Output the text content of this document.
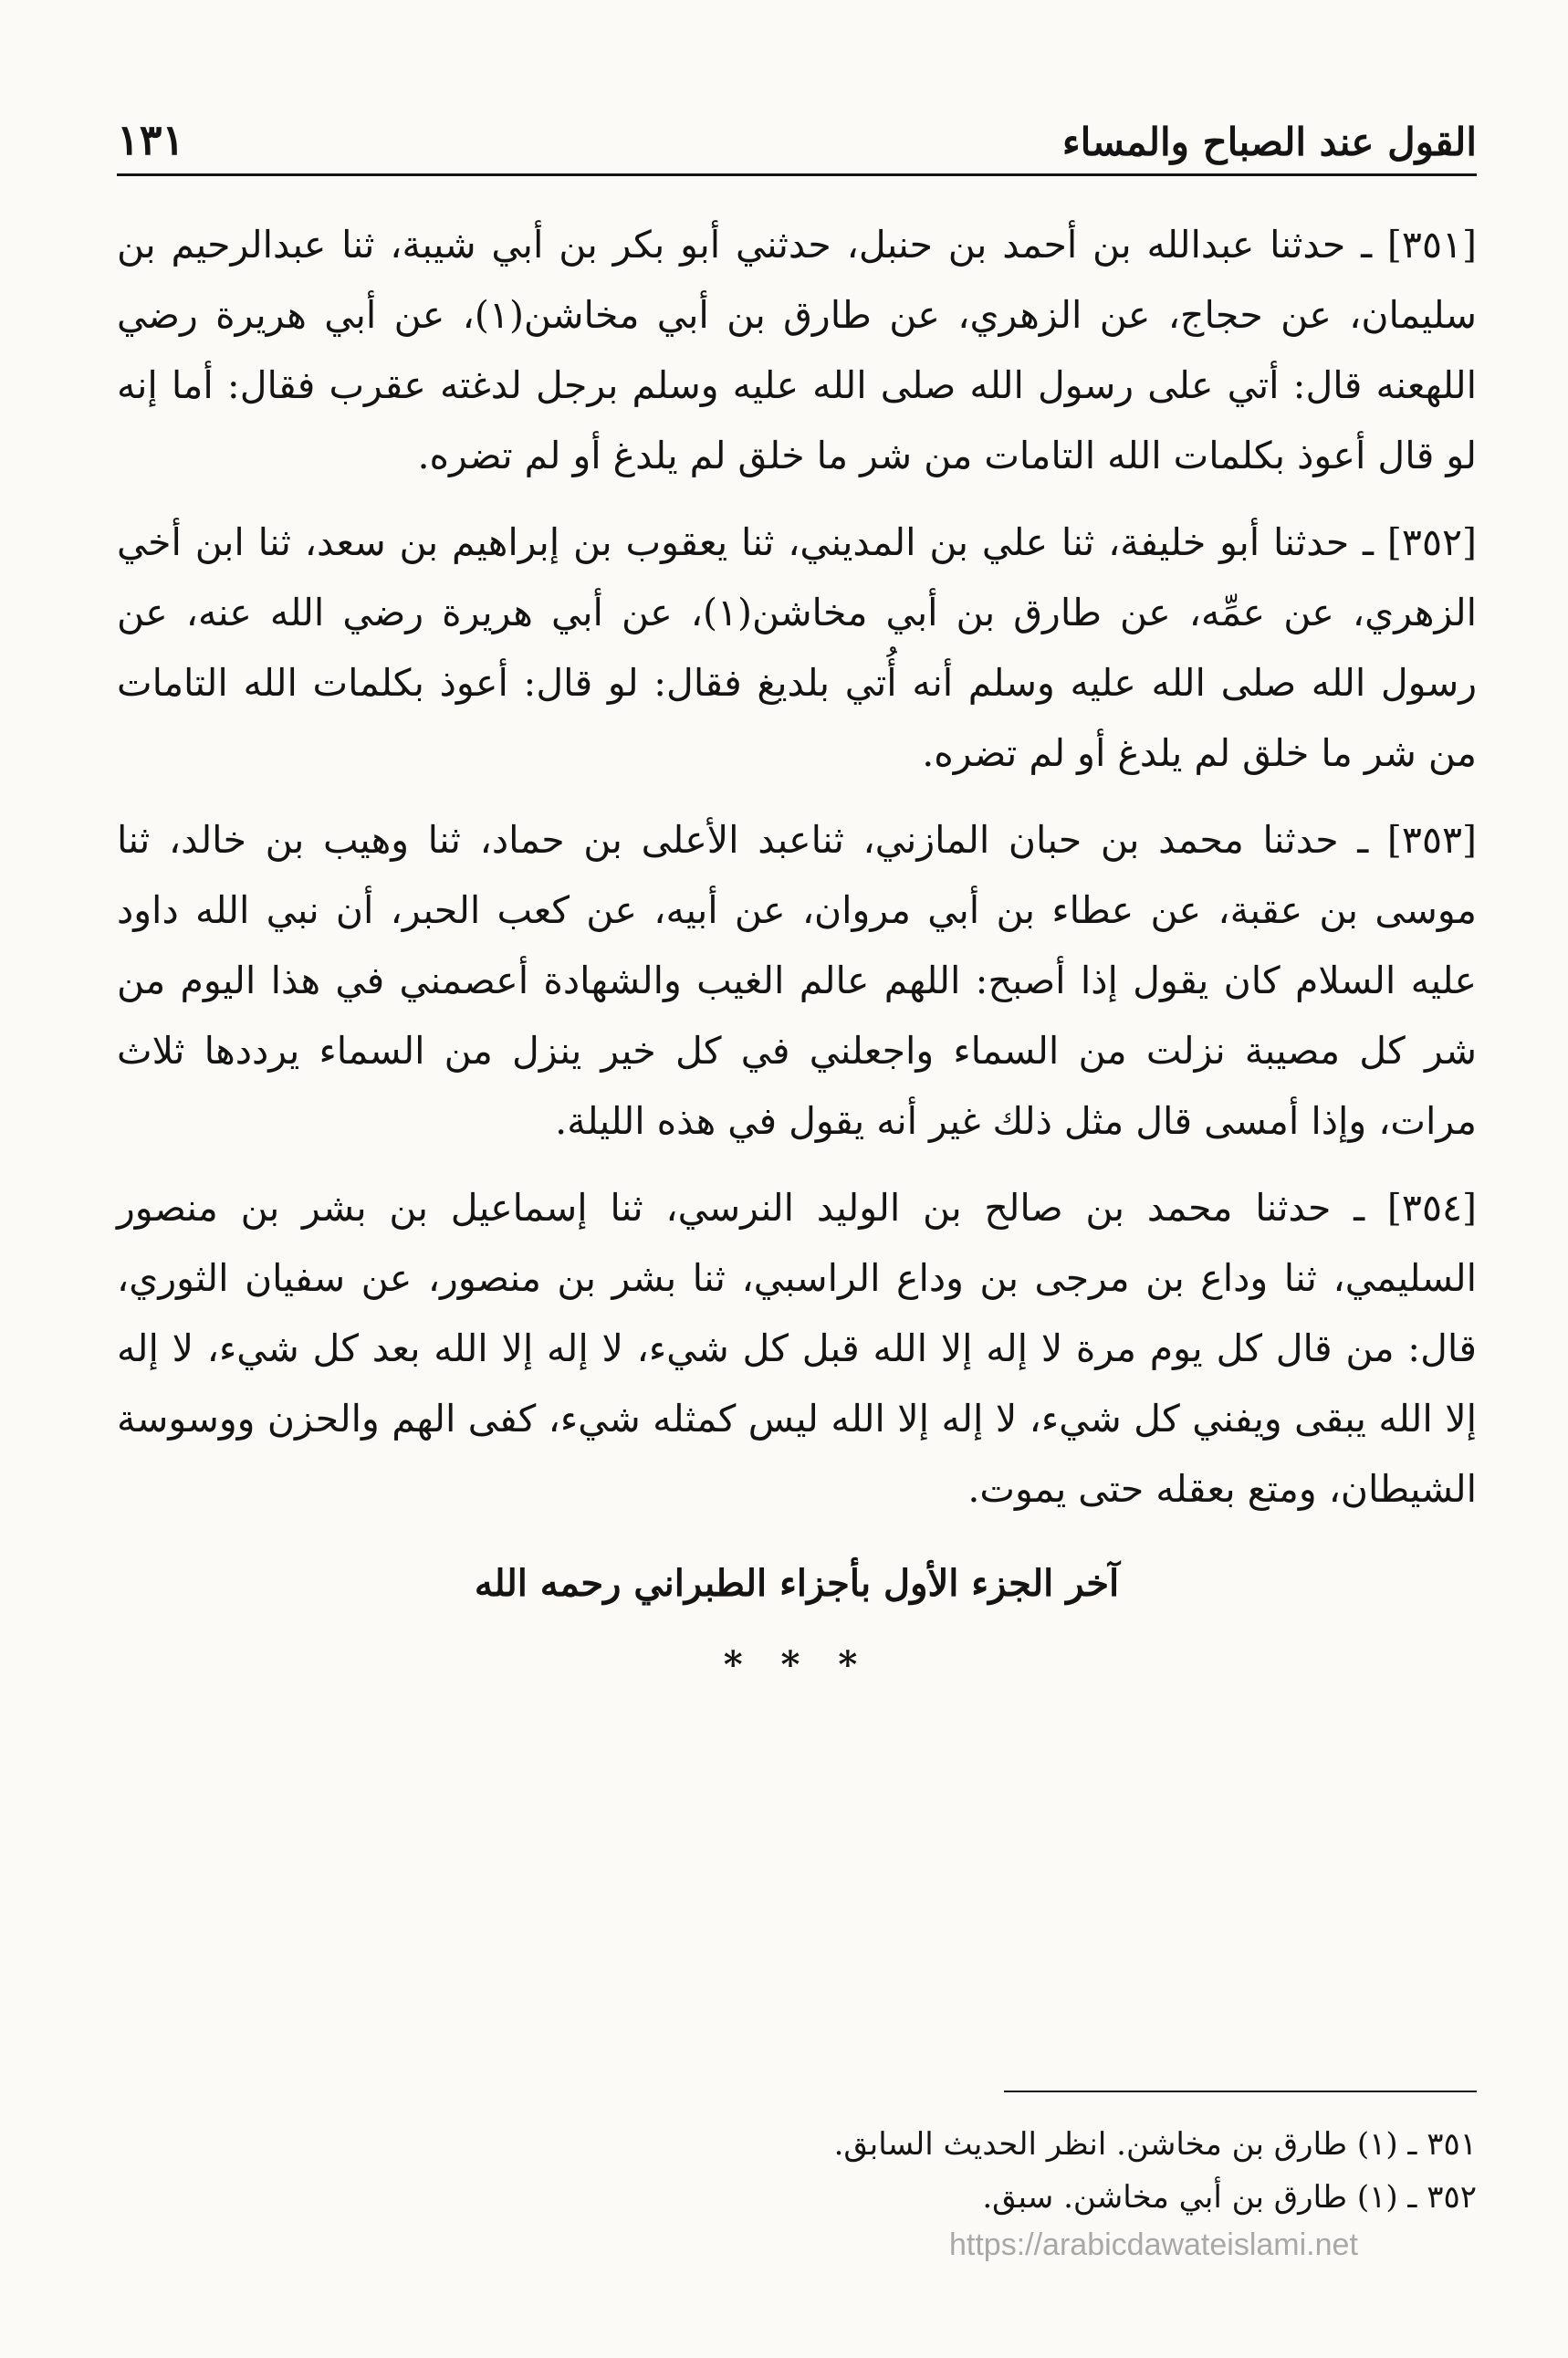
القول عند الصباح والمساء
١٣١

[٣٥١] ـ حدثنا عبدالله بن أحمد بن حنبل، حدثني أبو بكر بن أبي شيبة، ثنا عبدالرحيم بن سليمان، عن حجاج، عن الزهري، عن طارق بن أبي مخاشن(١)، عن أبي هريرة رضي اللهعنه قال: أتي على رسول الله صلى الله عليه وسلم برجل لدغته عقرب فقال: أما إنه لو قال أعوذ بكلمات الله التامات من شر ما خلق لم يلدغ أو لم تضره.

[٣٥٢] ـ حدثنا أبو خليفة، ثنا علي بن المديني، ثنا يعقوب بن إبراهيم بن سعد، ثنا ابن أخي الزهري، عن عمِّه، عن طارق بن أبي مخاشن(١)، عن أبي هريرة رضي الله عنه، عن رسول الله صلى الله عليه وسلم أنه أُتي بلديغ فقال: لو قال: أعوذ بكلمات الله التامات من شر ما خلق لم يلدغ أو لم تضره.

[٣٥٣] ـ حدثنا محمد بن حبان المازني، ثناعبد الأعلى بن حماد، ثنا وهيب بن خالد، ثنا موسى بن عقبة، عن عطاء بن أبي مروان، عن أبيه، عن كعب الحبر، أن نبي الله داود عليه السلام كان يقول إذا أصبح: اللهم عالم الغيب والشهادة أعصمني في هذا اليوم من شر كل مصيبة نزلت من السماء واجعلني في كل خير ينزل من السماء يرددها ثلاث مرات، وإذا أمسى قال مثل ذلك غير أنه يقول في هذه الليلة.

[٣٥٤] ـ حدثنا محمد بن صالح بن الوليد النرسي، ثنا إسماعيل بن بشر بن منصور السليمي، ثنا وداع بن مرجى بن وداع الراسبي، ثنا بشر بن منصور، عن سفيان الثوري، قال: من قال كل يوم مرة لا إله إلا الله قبل كل شيء، لا إله إلا الله بعد كل شيء، لا إله إلا الله يبقى ويفني كل شيء، لا إله إلا الله ليس كمثله شيء، كفى الهم والحزن ووسوسة الشيطان، ومتع بعقله حتى يموت.

آخر الجزء الأول بأجزاء الطبراني رحمه الله
* * *

٣٥١ ـ (١) طارق بن مخاشن. انظر الحديث السابق.

٣٥٢ ـ (١) طارق بن أبي مخاشن. سبق.

https://arabicdawateislami.net
